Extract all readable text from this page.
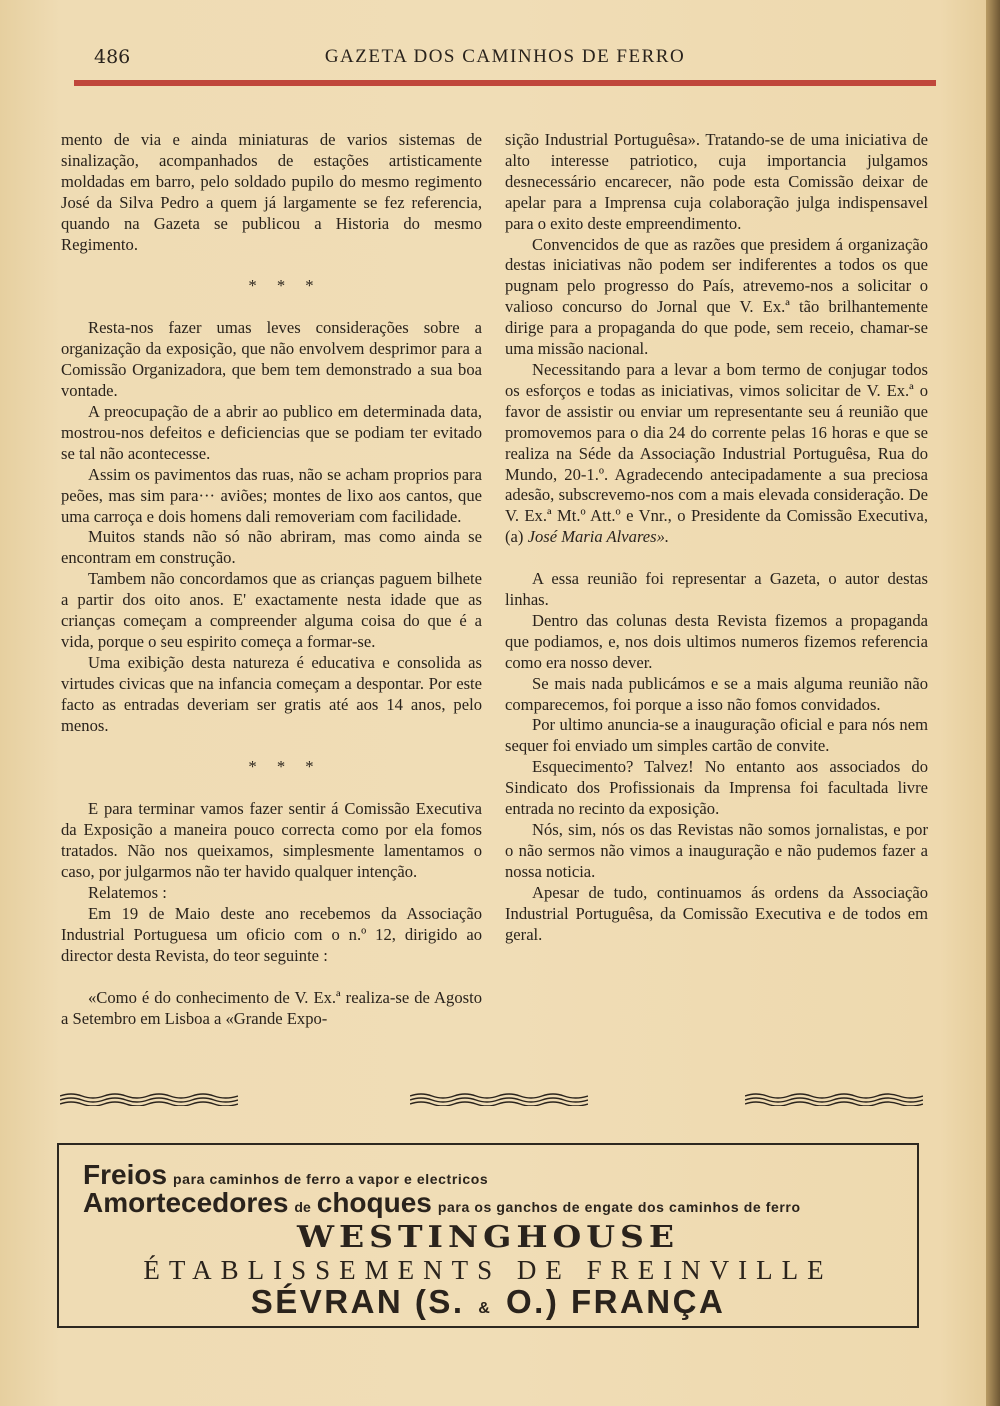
486	GAZETA DOS CAMINHOS DE FERRO

mento de via e ainda miniaturas de varios sistemas de sinalização, acompanhados de estações artisticamente moldadas em barro, pelo soldado pupilo do mesmo regimento José da Silva Pedro a quem já largamente se fez referencia, quando na Gazeta se publicou a Historia do mesmo Regimento.

* * *

Resta-nos fazer umas leves considerações sobre a organização da exposição, que não envolvem desprimor para a Comissão Organizadora, que bem tem demonstrado a sua boa vontade.

A preocupação de a abrir ao publico em determinada data, mostrou-nos defeitos e deficiencias que se podiam ter evitado se tal não acontecesse.

Assim os pavimentos das ruas, não se acham proprios para peões, mas sim para··· aviões; montes de lixo aos cantos, que uma carroça e dois homens dali removeriam com facilidade.

Muitos stands não só não abriram, mas como ainda se encontram em construção.

Tambem não concordamos que as crianças paguem bilhete a partir dos oito anos. E' exactamente nesta idade que as crianças começam a compreender alguma coisa do que é a vida, porque o seu espirito começa a formar-se.

Uma exibição desta natureza é educativa e consolida as virtudes civicas que na infancia começam a despontar. Por este facto as entradas deveriam ser gratis até aos 14 anos, pelo menos.

* * *

E para terminar vamos fazer sentir á Comissão Executiva da Exposição a maneira pouco correcta como por ela fomos tratados. Não nos queixamos, simplesmente lamentamos o caso, por julgarmos não ter havido qualquer intenção.

Relatemos :

Em 19 de Maio deste ano recebemos da Associação Industrial Portuguesa um oficio com o n.º 12, dirigido ao director desta Revista, do teor seguinte :

«Como é do conhecimento de V. Ex.ª realiza-se de Agosto a Setembro em Lisboa a «Grande Expo-

sição Industrial Portuguêsa». Tratando-se de uma iniciativa de alto interesse patriotico, cuja importancia julgamos desnecessário encarecer, não pode esta Comissão deixar de apelar para a Imprensa cuja colaboração julga indispensavel para o exito deste empreendimento.

Convencidos de que as razões que presidem á organização destas iniciativas não podem ser indiferentes a todos os que pugnam pelo progresso do País, atrevemo-nos a solicitar o valioso concurso do Jornal que V. Ex.ª tão brilhantemente dirige para a propaganda do que pode, sem receio, chamar-se uma missão nacional.

Necessitando para a levar a bom termo de conjugar todos os esforços e todas as iniciativas, vimos solicitar de V. Ex.ª o favor de assistir ou enviar um representante seu á reunião que promovemos para o dia 24 do corrente pelas 16 horas e que se realiza na Séde da Associação Industrial Portuguêsa, Rua do Mundo, 20-1.º. Agradecendo antecipadamente a sua preciosa adesão, subscrevemo-nos com a mais elevada consideração. De V. Ex.ª Mt.º Att.º e Vnr., o Presidente da Comissão Executiva, (a) José Maria Alvares».

A essa reunião foi representar a Gazeta, o autor destas linhas.

Dentro das colunas desta Revista fizemos a propaganda que podiamos, e, nos dois ultimos numeros fizemos referencia como era nosso dever.

Se mais nada publicámos e se a mais alguma reunião não comparecemos, foi porque a isso não fomos convidados.

Por ultimo anuncia-se a inauguração oficial e para nós nem sequer foi enviado um simples cartão de convite.

Esquecimento? Talvez! No entanto aos associados do Sindicato dos Profissionais da Imprensa foi facultada livre entrada no recinto da exposição.

Nós, sim, nós os das Revistas não somos jornalistas, e por o não sermos não vimos a inauguração e não pudemos fazer a nossa noticia.

Apesar de tudo, continuamos ás ordens da Associação Industrial Portuguêsa, da Comissão Executiva e de todos em geral.

Freios para caminhos de ferro a vapor e electricos
Amortecedores de choques para os ganchos de engate dos caminhos de ferro
WESTINGHOUSE
ÉTABLISSEMENTS DE FREINVILLE
SÉVRAN (S. & O.) FRANÇA
